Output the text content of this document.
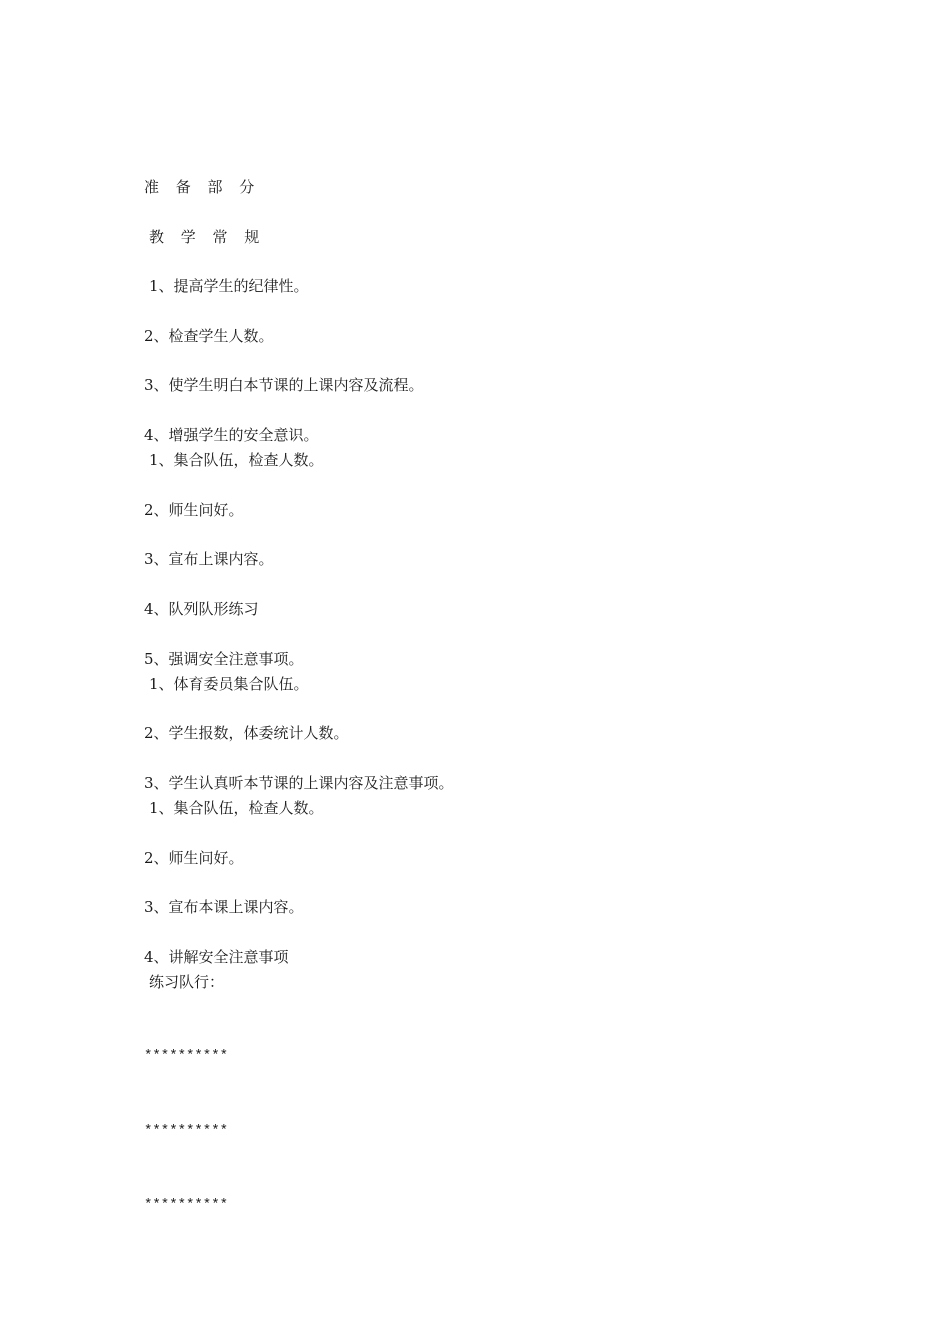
准 备 部 分
教 学 常 规
1、提高学生的纪律性。
2、检查学生人数。
3、使学生明白本节课的上课内容及流程。
4、增强学生的安全意识。
1、集合队伍，检查人数。
2、师生问好。
3、宣布上课内容。
4、队列队形练习
5、强调安全注意事项。
1、体育委员集合队伍。
2、学生报数，体委统计人数。
3、学生认真听本节课的上课内容及注意事项。
1、集合队伍，检查人数。
2、师生问好。
3、宣布本课上课内容。
4、讲解安全注意事项
练习队行：
**********
**********
**********
